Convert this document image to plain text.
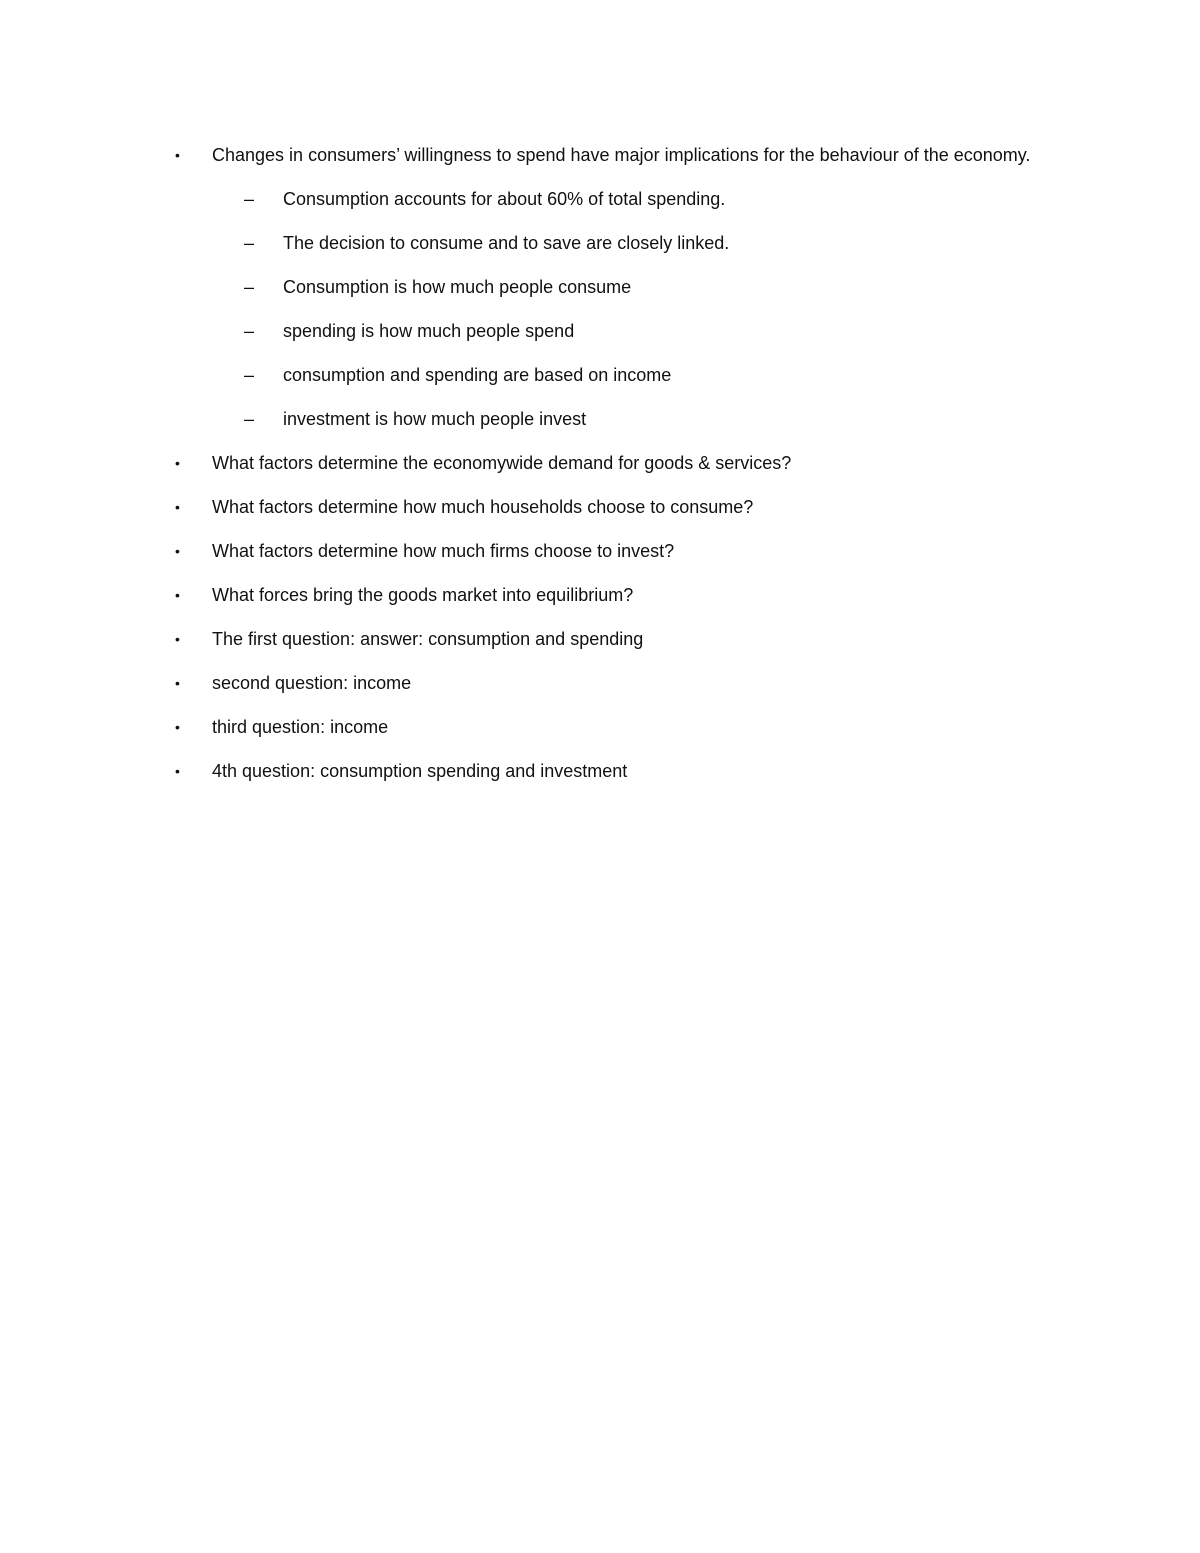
• Changes in consumers’ willingness to spend have major implications for the behaviour of the economy.
– Consumption accounts for about 60% of total spending.
– The decision to consume and to save are closely linked.
– Consumption is how much people consume
– spending is how much people spend
– consumption and spending are based on income
– investment is how much people invest
• What factors determine the economywide demand for goods & services?
• What factors determine how much households choose to consume?
• What factors determine how much firms choose to invest?
• What forces bring the goods market into equilibrium?
• The first question: answer: consumption and spending
• second question: income
• third question: income
• 4th question: consumption spending and investment
